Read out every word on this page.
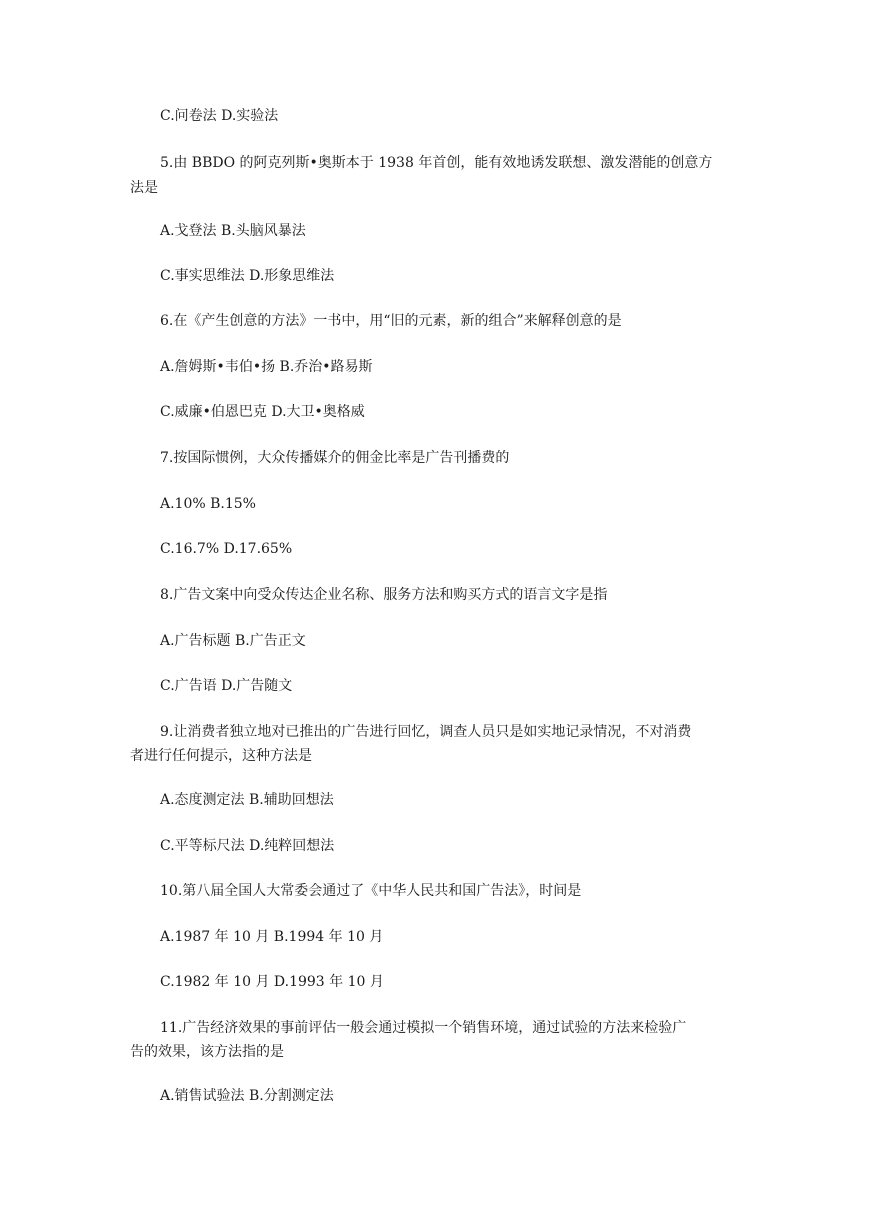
C.问卷法 D.实验法
5.由 BBDO 的阿克列斯•奥斯本于 1938 年首创，能有效地诱发联想、激发潜能的创意方
法是
A.戈登法 B.头脑风暴法
C.事实思维法 D.形象思维法
6.在《产生创意的方法》一书中，用“旧的元素，新的组合”来解释创意的是
A.詹姆斯•韦伯•扬 B.乔治•路易斯
C.威廉•伯恩巴克 D.大卫•奥格威
7.按国际惯例，大众传播媒介的佣金比率是广告刊播费的
A.10% B.15%
C.16.7% D.17.65%
8.广告文案中向受众传达企业名称、服务方法和购买方式的语言文字是指
A.广告标题 B.广告正文
C.广告语 D.广告随文
9.让消费者独立地对已推出的广告进行回忆，调查人员只是如实地记录情况，不对消费
者进行任何提示，这种方法是
A.态度测定法 B.辅助回想法
C.平等标尺法 D.纯粹回想法
10.第八届全国人大常委会通过了《中华人民共和国广告法》，时间是
A.1987 年 10 月 B.1994 年 10 月
C.1982 年 10 月 D.1993 年 10 月
11.广告经济效果的事前评估一般会通过模拟一个销售环境，通过试验的方法来检验广
告的效果，该方法指的是
A.销售试验法 B.分割测定法
